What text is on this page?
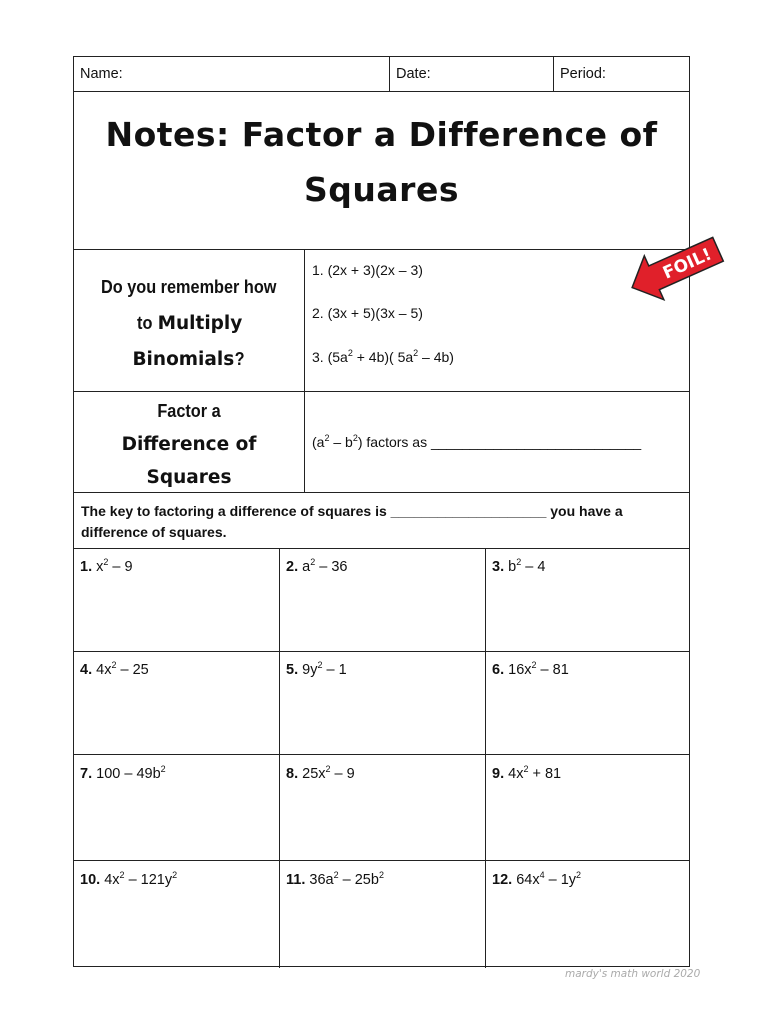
Name:	Date:	Period:
Notes: Factor a Difference of
Squares
Do you remember how
to Multiply
Binomials?
1. (2x + 3)(2x – 3)
2. (3x + 5)(3x – 5)
3. $(5a^2 + 4b)$( $5a^2 - 4b$)
Factor a
Difference of
Squares
$(a^2 - b^2)$ factors as ___________________________
The key to factoring a difference of squares is ____________________ you have a difference of squares.
1. $x^2 - 9$	2. $a^2 - 36$	3. $b^2 - 4$
4. $4x^2 - 25$	5. $9y^2 - 1$	6. $16x^2 - 81$
7. $100 - 49b^2$	8. $25x^2 - 9$	9. $4x^2 + 81$
10. $4x^2 - 121y^2$	11. $36a^2 - 25b^2$	12. $64x^4 - 1y^2$
FOIL!
mardy's math world 2020
